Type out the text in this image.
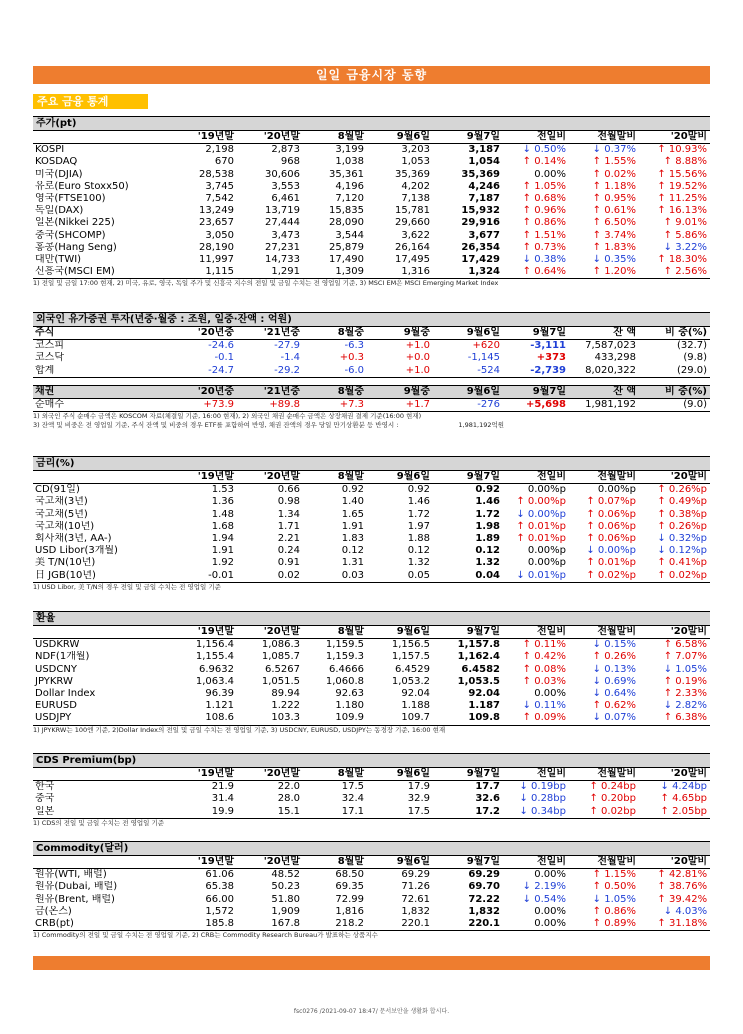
일일 금융시장 동향
주요 금융 통계
주가(pt)								
	'19년말	'20년말	8월말	9월6일	9월7일	전일비	전월말비	'20말비
KOSPI	2,198	2,873	3,199	3,203	3,187	↓ 0.50%	↓ 0.37%	↑ 10.93%
KOSDAQ	670	968	1,038	1,053	1,054	↑ 0.14%	↑ 1.55%	↑ 8.88%
미국(DJIA)	28,538	30,606	35,361	35,369	35,369	0.00%	↑ 0.02%	↑ 15.56%
유로(Euro Stoxx50)	3,745	3,553	4,196	4,202	4,246	↑ 1.05%	↑ 1.18%	↑ 19.52%
영국(FTSE100)	7,542	6,461	7,120	7,138	7,187	↑ 0.68%	↑ 0.95%	↑ 11.25%
독일(DAX)	13,249	13,719	15,835	15,781	15,932	↑ 0.96%	↑ 0.61%	↑ 16.13%
일본(Nikkei 225)	23,657	27,444	28,090	29,660	29,916	↑ 0.86%	↑ 6.50%	↑ 9.01%
중국(SHCOMP)	3,050	3,473	3,544	3,622	3,677	↑ 1.51%	↑ 3.74%	↑ 5.86%
홍콩(Hang Seng)	28,190	27,231	25,879	26,164	26,354	↑ 0.73%	↑ 1.83%	↓ 3.22%
대만(TWI)	11,997	14,733	17,490	17,495	17,429	↓ 0.38%	↓ 0.35%	↑ 18.30%
신흥국(MSCI EM)	1,115	1,291	1,309	1,316	1,324	↑ 0.64%	↑ 1.20%	↑ 2.56%
1) 전일 및 금일 17:00 현재, 2) 미국, 유로, 영국, 독일 주가 및 신흥국 지수의 전일 및 금일 수치는 전 영업일 기준, 3) MSCI EM은 MSCI Emerging Market Index
외국인 유가증권 투자(년중·월중 : 조원, 일중·잔액 : 억원)								
주식	'20년중	'21년중	8월중	9월중	9월6일	9월7일	잔 액	비 중(%)
코스피	-24.6	-27.9	-6.3	+1.0	+620	-3,111	7,587,023	(32.7)
코스닥	-0.1	-1.4	+0.3	+0.0	-1,145	+373	433,298	(9.8)
합계	-24.7	-29.2	-6.0	+1.0	-524	-2,739	8,020,322	(29.0)
채권	'20년중	'21년중	8월중	9월중	9월6일	9월7일	잔 액	비 중(%)
순매수	+73.9	+89.8	+7.3	+1.7	-276	+5,698	1,981,192	(9.0)
1) 외국인 주식 순매수 금액은 KOSCOM 자료(체결일 기준, 16:00 현재), 2) 외국인 채권 순매수 금액은 상장채권 결제 기준(16:00 현재)
3) 잔액 및 비중은 전 영업일 기준, 주식 잔액 및 비중의 경우 ETF를 포함하여 반영, 채권 잔액의 경우 당일 만기상환분 등 반영시 :	1,981,192억원
금리(%)								
	'19년말	'20년말	8월말	9월6일	9월7일	전일비	전월말비	'20말비
CD(91일)	1.53	0.66	0.92	0.92	0.92	0.00%p	0.00%p	↑ 0.26%p
국고채(3년)	1.36	0.98	1.40	1.46	1.46	↑ 0.00%p	↑ 0.07%p	↑ 0.49%p
국고채(5년)	1.48	1.34	1.65	1.72	1.72	↓ 0.00%p	↑ 0.06%p	↑ 0.38%p
국고채(10년)	1.68	1.71	1.91	1.97	1.98	↑ 0.01%p	↑ 0.06%p	↑ 0.26%p
회사채(3년, AA-)	1.94	2.21	1.83	1.88	1.89	↑ 0.01%p	↑ 0.06%p	↓ 0.32%p
USD Libor(3개월)	1.91	0.24	0.12	0.12	0.12	0.00%p	↓ 0.00%p	↓ 0.12%p
美 T/N(10년)	1.92	0.91	1.31	1.32	1.32	0.00%p	↑ 0.01%p	↑ 0.41%p
日 JGB(10년)	-0.01	0.02	0.03	0.05	0.04	↓ 0.01%p	↑ 0.02%p	↑ 0.02%p
1) USD Libor, 美 T/N의 경우 전일 및 금일 수치는 전 영업일 기준
환율								
	'19년말	'20년말	8월말	9월6일	9월7일	전일비	전월말비	'20말비
USDKRW	1,156.4	1,086.3	1,159.5	1,156.5	1,157.8	↑ 0.11%	↓ 0.15%	↑ 6.58%
NDF(1개월)	1,155.4	1,085.7	1,159.3	1,157.5	1,162.4	↑ 0.42%	↑ 0.26%	↑ 7.07%
USDCNY	6.9632	6.5267	6.4666	6.4529	6.4582	↑ 0.08%	↓ 0.13%	↓ 1.05%
JPYKRW	1,063.4	1,051.5	1,060.8	1,053.2	1,053.5	↑ 0.03%	↓ 0.69%	↑ 0.19%
Dollar Index	96.39	89.94	92.63	92.04	92.04	0.00%	↓ 0.64%	↑ 2.33%
EURUSD	1.121	1.222	1.180	1.188	1.187	↓ 0.11%	↑ 0.62%	↓ 2.82%
USDJPY	108.6	103.3	109.9	109.7	109.8	↑ 0.09%	↓ 0.07%	↑ 6.38%
1) JPYKRW는 100엔 기준, 2)Dollar Index의 전일 및 금일 수치는 전 영업일 기준, 3) USDCNY, EURUSD, USDJPY는 동경장 기준, 16:00 현재
CDS Premium(bp)								
	'19년말	'20년말	8월말	9월6일	9월7일	전일비	전월말비	'20말비
한국	21.9	22.0	17.5	17.9	17.7	↓ 0.19bp	↑ 0.24bp	↓ 4.24bp
중국	31.4	28.0	32.4	32.9	32.6	↓ 0.28bp	↑ 0.20bp	↑ 4.65bp
일본	19.9	15.1	17.1	17.5	17.2	↓ 0.34bp	↑ 0.02bp	↑ 2.05bp
1) CDS의 전일 및 금일 수치는 전 영업일 기준
Commodity(달러)								
	'19년말	'20년말	8월말	9월6일	9월7일	전일비	전월말비	'20말비
원유(WTI, 배럴)	61.06	48.52	68.50	69.29	69.29	0.00%	↑ 1.15%	↑ 42.81%
원유(Dubai, 배럴)	65.38	50.23	69.35	71.26	69.70	↓ 2.19%	↑ 0.50%	↑ 38.76%
원유(Brent, 배럴)	66.00	51.80	72.99	72.61	72.22	↓ 0.54%	↓ 1.05%	↑ 39.42%
금(온스)	1,572	1,909	1,816	1,832	1,832	0.00%	↑ 0.86%	↓ 4.03%
CRB(pt)	185.8	167.8	218.2	220.1	220.1	0.00%	↑ 0.89%	↑ 31.18%
1) Commodity의 전일 및 금일 수치는 전 영업일 기준, 2) CRB는 Commodity Research Bureau가 발표하는 상품지수
fsc0276 /2021-09-07 18:47/ 문서보안을 생활화 합시다.
